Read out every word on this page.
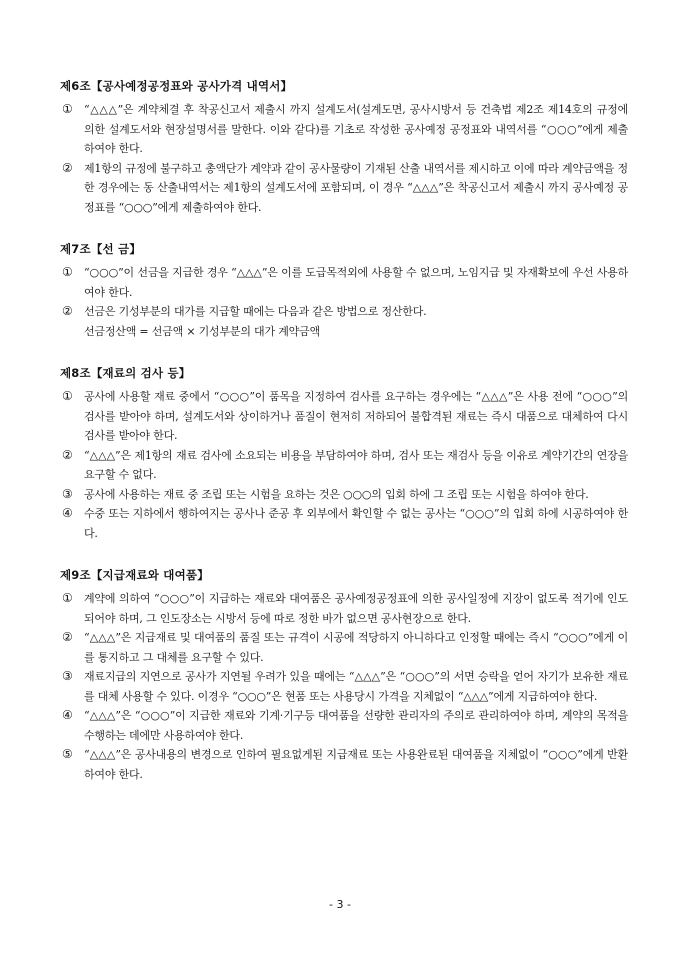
제6조【공사예정공정표와 공사가격 내역서】
①	“△△△”은 계약체결 후 착공신고서 제출시 까지 설계도서(설계도면, 공사시방서 등 건축법 제2조 제14호의 규정에 의한 설계도서와 현장설명서를 말한다. 이와 같다)를 기초로 작성한 공사예정 공정표와 내역서를 “○○○”에게 제출하여야 한다.
②	제1항의 규정에 불구하고 총액단가 계약과 같이 공사물량이 기재된 산출 내역서를 제시하고 이에 따라 계약금액을 정한 경우에는 동 산출내역서는 제1항의 설계도서에 포함되며, 이 경우 “△△△”은 착공신고서 제출시 까지 공사예정 공정표를 “○○○”에게 제출하여야 한다.
제7조【선 금】
①	“○○○”이 선금을 지급한 경우 “△△△”은 이를 도급목적외에 사용할 수 없으며, 노임지급 및 자재확보에 우선 사용하여야 한다.
②	선금은 기성부분의 대가를 지급할 때에는 다음과 같은 방법으로 정산한다.
선금정산액 = 선금액 × 기성부분의 대가 계약금액
제8조【재료의 검사 등】
①	공사에 사용할 재료 중에서 “○○○”이 품목을 지정하여 검사를 요구하는 경우에는 “△△△”은 사용 전에 “○○○”의 검사를 받아야 하며, 설계도서와 상이하거나 품질이 현저히 저하되어 불합격된 재료는 즉시 대품으로 대체하여 다시 검사를 받아야 한다.
②	“△△△”은 제1항의 재료 검사에 소요되는 비용을 부담하여야 하며, 검사 또는 재검사 등을 이유로 계약기간의 연장을 요구할 수 없다.
③	공사에 사용하는 재료 중 조립 또는 시험을 요하는 것은 ○○○의 입회 하에 그 조립 또는 시험을 하여야 한다.
④	수중 또는 지하에서 행하여지는 공사나 준공 후 외부에서 확인할 수 없는 공사는 “○○○”의 입회 하에 시공하여야 한다.
제9조【지급재료와 대여품】
①	계약에 의하여 “○○○”이 지급하는 재료와 대여품은 공사예정공정표에 의한 공사일정에 지장이 없도록 적기에 인도되어야 하며, 그 인도장소는 시방서 등에 따로 정한 바가 없으면 공사현장으로 한다.
②	“△△△”은 지급재료 및 대여품의 품질 또는 규격이 시공에 적당하지 아니하다고 인정할 때에는 즉시 “○○○”에게 이를 통지하고 그 대체를 요구할 수 있다.
③	재료지급의 지연으로 공사가 지연될 우려가 있을 때에는 “△△△”은 “○○○”의 서면 승락을 얻어 자기가 보유한 재료를 대체 사용할 수 있다. 이경우 “○○○”은 현품 또는 사용당시 가격을 지체없이 “△△△”에게 지급하여야 한다.
④	“△△△”은 “○○○”이 지급한 재료와 기계·기구등 대여품을 선량한 관리자의 주의로 관리하여야 하며, 계약의 목적을 수행하는 데에만 사용하여야 한다.
⑤	“△△△”은 공사내용의 변경으로 인하여 필요없게된 지급재료 또는 사용완료된 대여품을 지체없이 “○○○”에게 반환하여야 한다.
- 3 -
